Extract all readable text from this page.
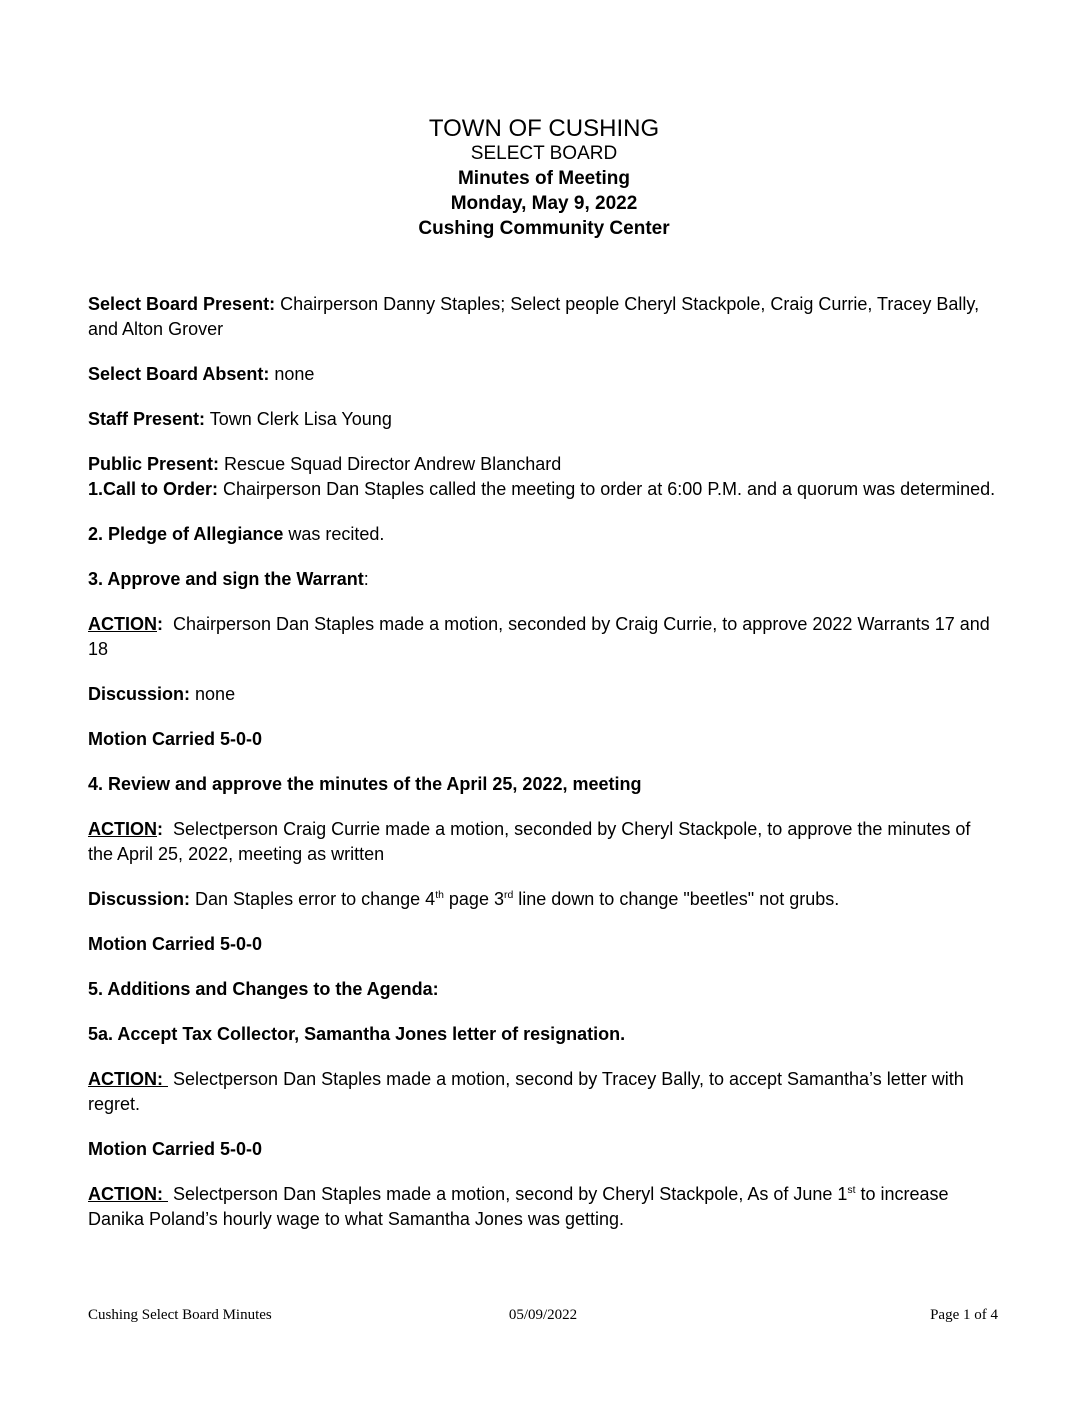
TOWN OF CUSHING
SELECT BOARD
Minutes of Meeting
Monday, May 9, 2022
Cushing Community Center

Select Board Present: Chairperson Danny Staples; Select people Cheryl Stackpole, Craig Currie, Tracey Bally, and Alton Grover

Select Board Absent: none

Staff Present: Town Clerk Lisa Young

Public Present: Rescue Squad Director Andrew Blanchard

1.Call to Order: Chairperson Dan Staples called the meeting to order at 6:00 P.M. and a quorum was determined.

2. Pledge of Allegiance was recited.

3. Approve and sign the Warrant:

ACTION:  Chairperson Dan Staples made a motion, seconded by Craig Currie, to approve 2022 Warrants 17 and 18

Discussion: none

Motion Carried 5-0-0

4. Review and approve the minutes of the April 25, 2022, meeting

ACTION:  Selectperson Craig Currie made a motion, seconded by Cheryl Stackpole, to approve the minutes of the April 25, 2022, meeting as written

Discussion: Dan Staples error to change 4th page 3rd line down to change "beetles" not grubs.

Motion Carried 5-0-0

5. Additions and Changes to the Agenda:

5a. Accept Tax Collector, Samantha Jones letter of resignation.

ACTION:  Selectperson Dan Staples made a motion, second by Tracey Bally, to accept Samantha’s letter with regret.

Motion Carried 5-0-0

ACTION:  Selectperson Dan Staples made a motion, second by Cheryl Stackpole, As of June 1st to increase Danika Poland’s hourly wage to what Samantha Jones was getting.

Cushing Select Board Minutes	05/09/2022	Page 1 of 4
